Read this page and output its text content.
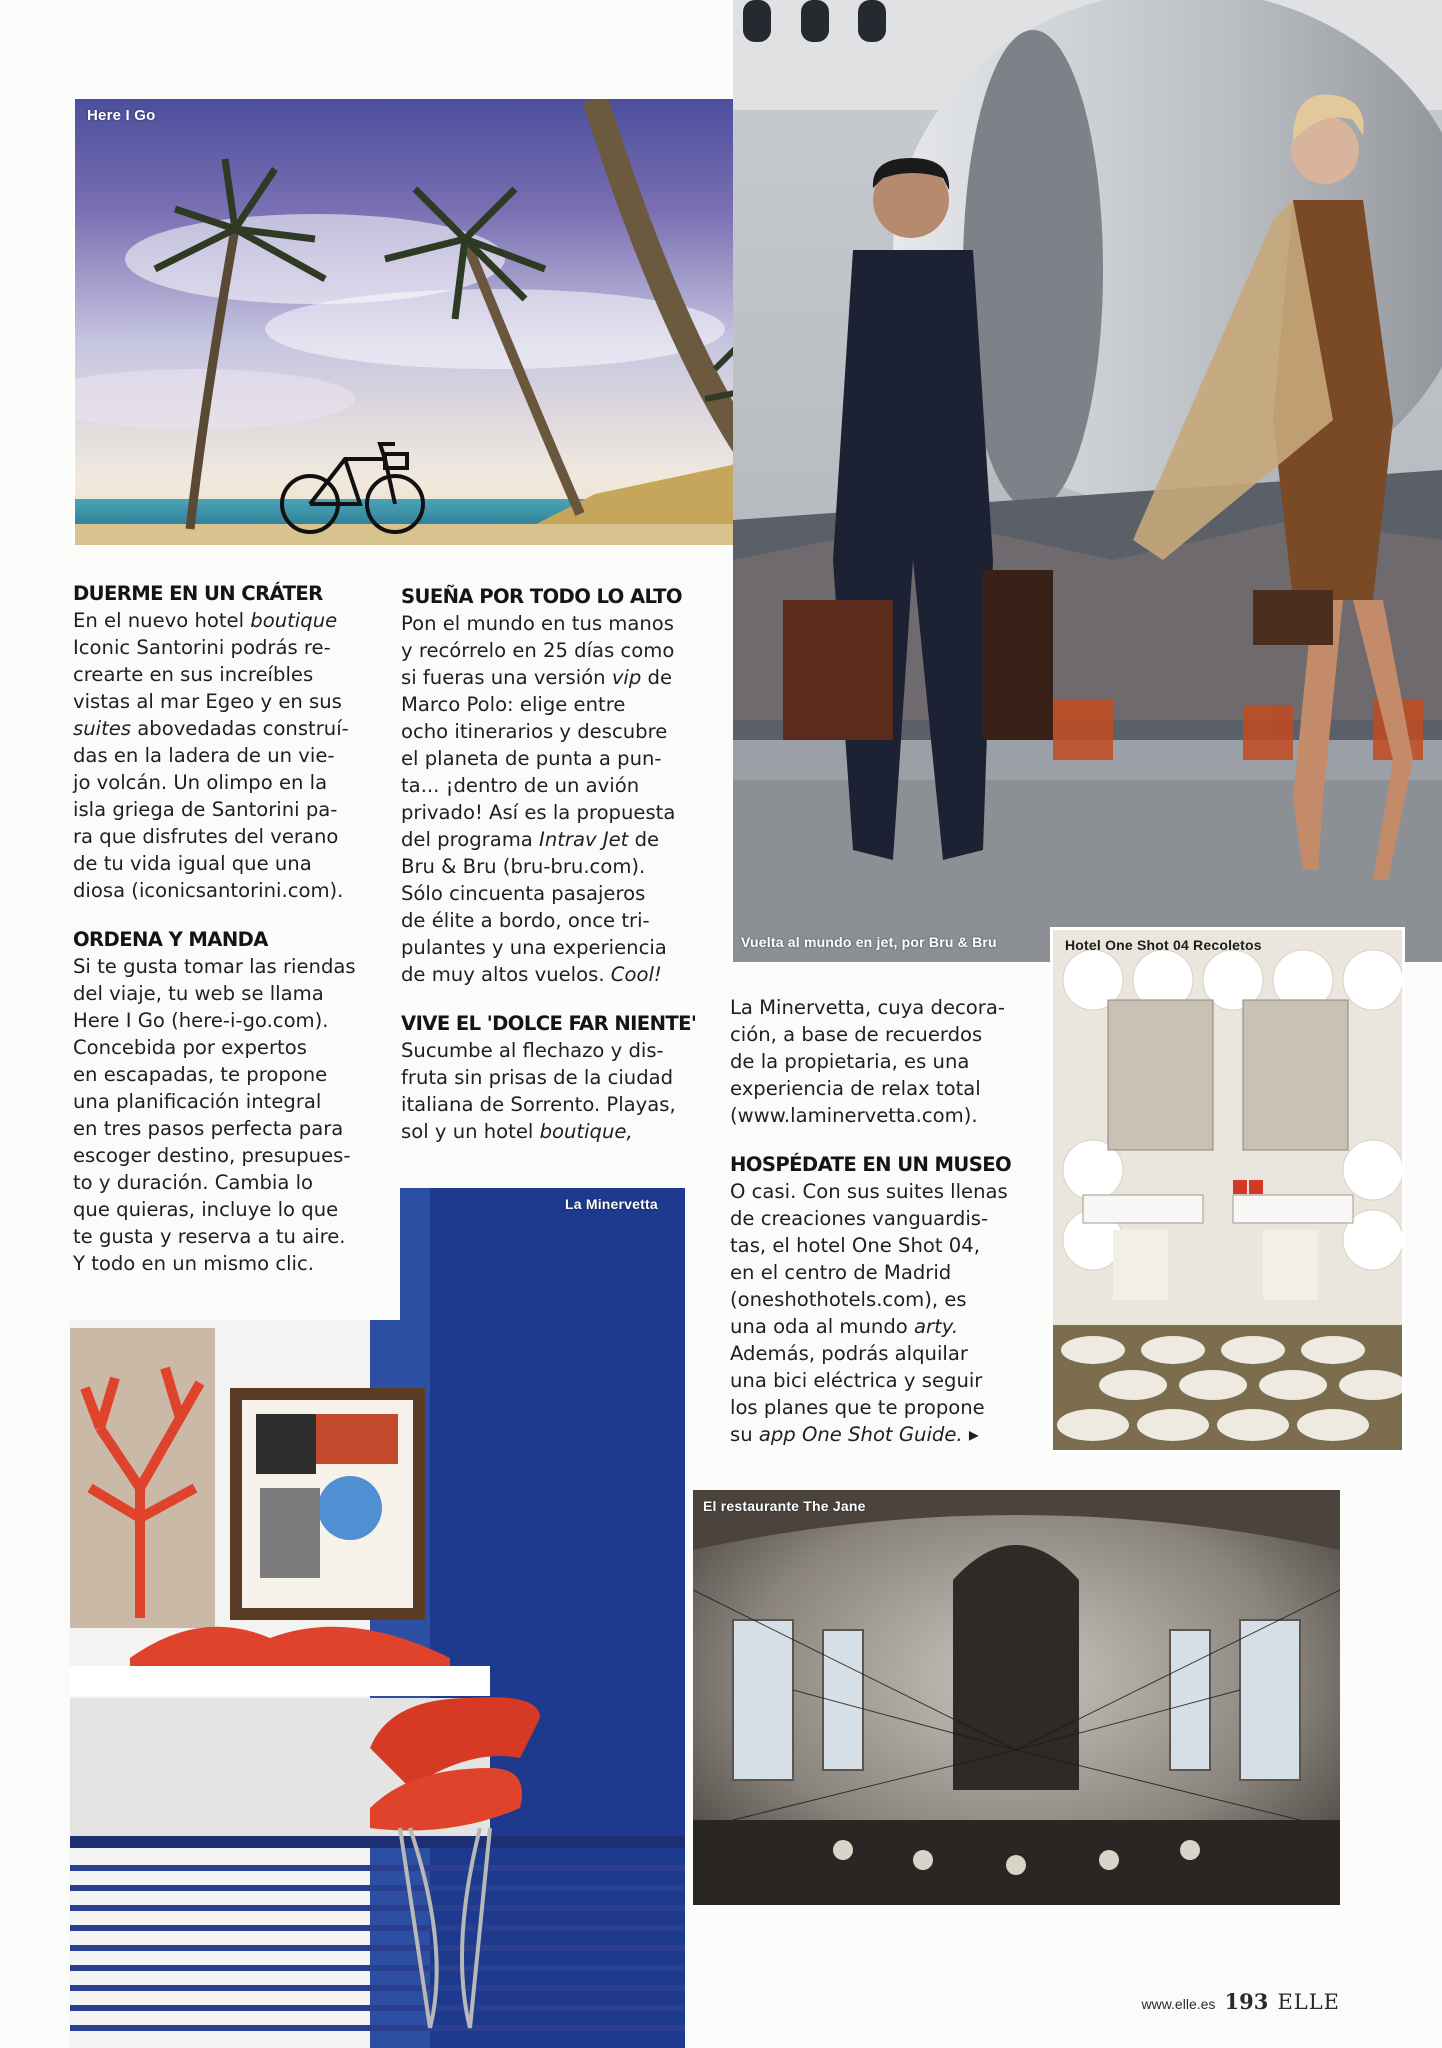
Here I Go
Vuelta al mundo en jet, por Bru & Bru	Hotel One Shot 04 Recoletos
La Minervetta
El restaurante The Jane
DUERME EN UN CRÁTER

En el nuevo hotel boutique

Iconic Santorini podrás re-

crearte en sus increíbles

vistas al mar Egeo y en sus

suites abovedadas construí-

das en la ladera de un vie-

jo volcán. Un olimpo en la

isla griega de Santorini pa-

ra que disfrutes del verano

de tu vida igual que una

diosa (iconicsantorini.com).

ORDENA Y MANDA

Si te gusta tomar las riendas

del viaje, tu web se llama

Here I Go (here-i-go.com).

Concebida por expertos

en escapadas, te propone

una planificación integral

en tres pasos perfecta para

escoger destino, presupues-

to y duración. Cambia lo

que quieras, incluye lo que

te gusta y reserva a tu aire.

Y todo en un mismo clic.

SUEÑA POR TODO LO ALTO

Pon el mundo en tus manos

y recórrelo en 25 días como

si fueras una versión vip de

Marco Polo: elige entre

ocho itinerarios y descubre

el planeta de punta a pun-

ta... ¡dentro de un avión

privado! Así es la propuesta

del programa Intrav Jet de

Bru & Bru (bru-bru.com).

Sólo cincuenta pasajeros

de élite a bordo, once tri-

pulantes y una experiencia

de muy altos vuelos. Cool!

VIVE EL 'DOLCE FAR NIENTE'

Sucumbe al flechazo y dis-

fruta sin prisas de la ciudad

italiana de Sorrento. Playas,

sol y un hotel boutique,

La Minervetta, cuya decora-

ción, a base de recuerdos

de la propietaria, es una

experiencia de relax total

(www.laminervetta.com).

HOSPÉDATE EN UN MUSEO

O casi. Con sus suites llenas

de creaciones vanguardis-

tas, el hotel One Shot 04,

en el centro de Madrid

(oneshothotels.com), es

una oda al mundo arty.

Además, podrás alquilar

una bici eléctrica y seguir

los planes que te propone

su app One Shot Guide. ▸

www.elle.es 193 ELLE
